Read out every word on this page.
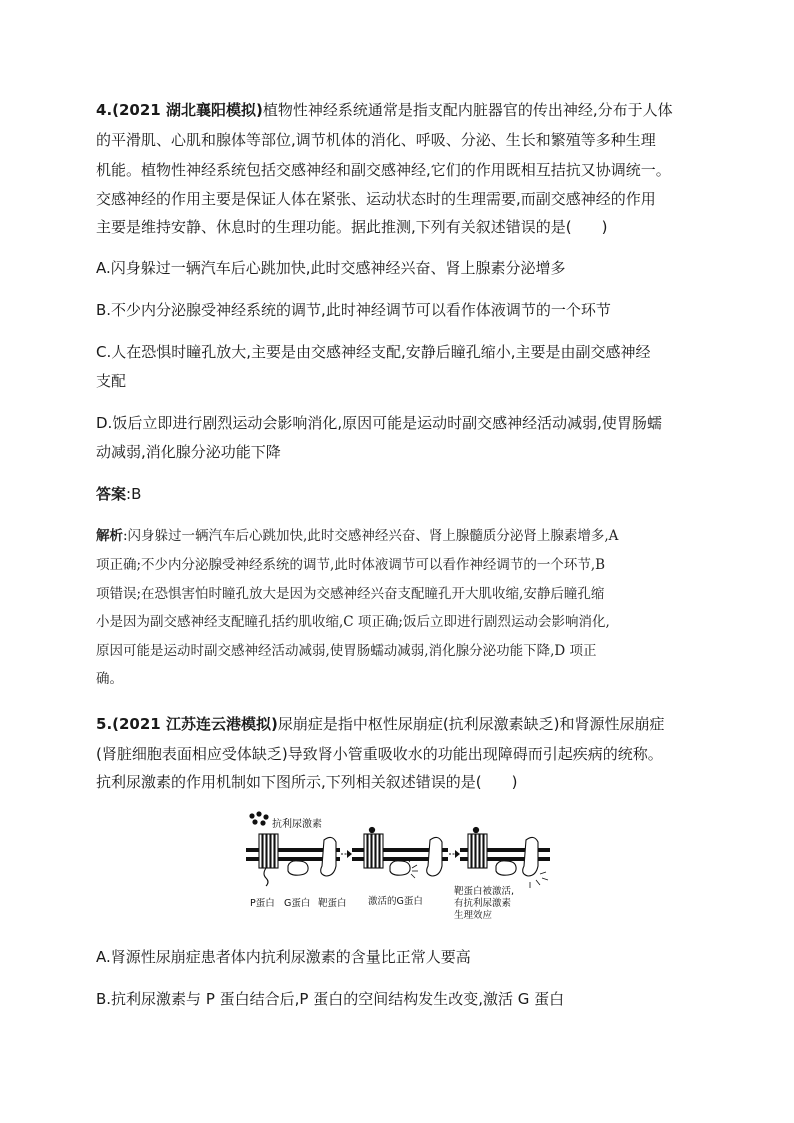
4.(2021 湖北襄阳模拟)植物性神经系统通常是指支配内脏器官的传出神经,分布于人体
的平滑肌、心肌和腺体等部位,调节机体的消化、呼吸、分泌、生长和繁殖等多种生理
机能。植物性神经系统包括交感神经和副交感神经,它们的作用既相互拮抗又协调统一。
交感神经的作用主要是保证人体在紧张、运动状态时的生理需要,而副交感神经的作用
主要是维持安静、休息时的生理功能。据此推测,下列有关叙述错误的是(　　)
A.闪身躲过一辆汽车后心跳加快,此时交感神经兴奋、肾上腺素分泌增多
B.不少内分泌腺受神经系统的调节,此时神经调节可以看作体液调节的一个环节
C.人在恐惧时瞳孔放大,主要是由交感神经支配,安静后瞳孔缩小,主要是由副交感神经
支配
D.饭后立即进行剧烈运动会影响消化,原因可能是运动时副交感神经活动减弱,使胃肠蠕
动减弱,消化腺分泌功能下降
答案:B
解析:闪身躲过一辆汽车后心跳加快,此时交感神经兴奋、肾上腺髓质分泌肾上腺素增多,A
项正确;不少内分泌腺受神经系统的调节,此时体液调节可以看作神经调节的一个环节,B
项错误;在恐惧害怕时瞳孔放大是因为交感神经兴奋支配瞳孔开大肌收缩,安静后瞳孔缩
小是因为副交感神经支配瞳孔括约肌收缩,C 项正确;饭后立即进行剧烈运动会影响消化,
原因可能是运动时副交感神经活动减弱,使胃肠蠕动减弱,消化腺分泌功能下降,D 项正
确。
5.(2021 江苏连云港模拟)尿崩症是指中枢性尿崩症(抗利尿激素缺乏)和肾源性尿崩症
(肾脏细胞表面相应受体缺乏)导致肾小管重吸收水的功能出现障碍而引起疾病的统称。
抗利尿激素的作用机制如下图所示,下列相关叙述错误的是(　　)
抗利尿激素
P蛋白 G蛋白 靶蛋白 激活的G蛋白
靶蛋白被激活,
有抗利尿激素
生理效应
A.肾源性尿崩症患者体内抗利尿激素的含量比正常人要高
B.抗利尿激素与 P 蛋白结合后,P 蛋白的空间结构发生改变,激活 G 蛋白
